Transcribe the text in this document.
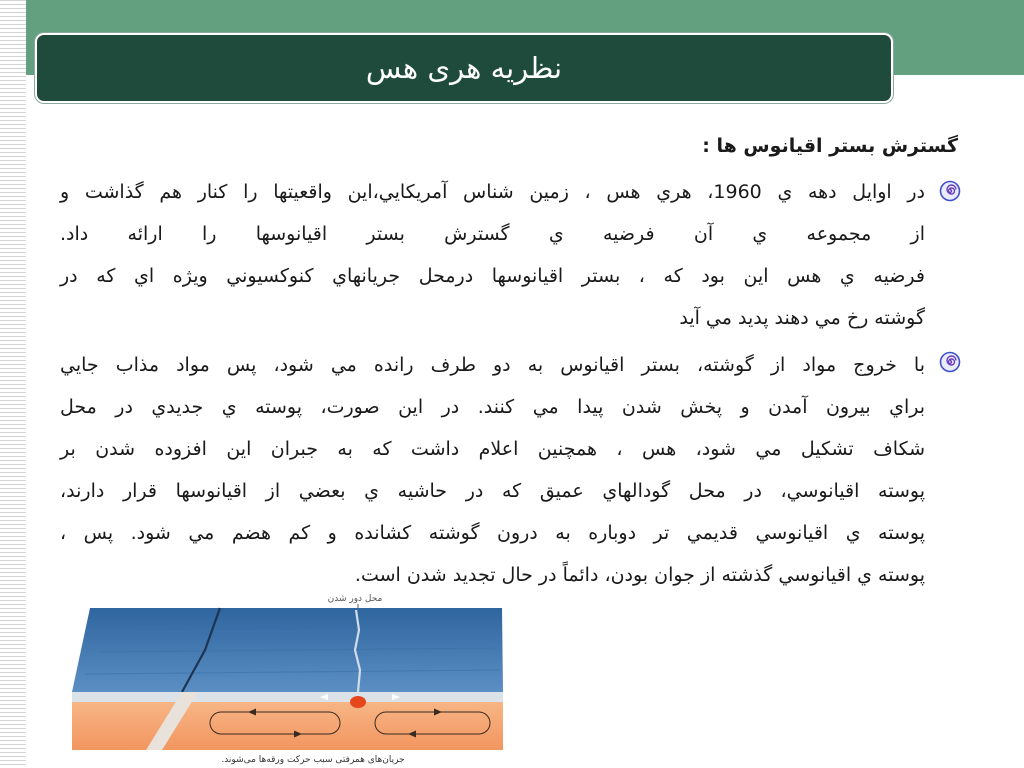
نظریه هری هس
گسترش بستر اقیانوس ها :
در اوايل دهه ي 1960، هري هس ، زمين شناس آمريكايي،اين واقعيتها را كنار هم گذاشت و
از مجموعه ي آن فرضيه ي گسترش بستر اقيانوسها را ارائه داد.
فرضيه ي هس اين بود كه ، بستر اقيانوسها درمحل جريانهاي كنوكسيوني ويژه اي كه در
گوشته رخ مي دهند پديد مي آيد
با خروج مواد از گوشته، بستر اقيانوس به دو طرف رانده مي شود، پس مواد مذاب جايي
براي بيرون آمدن و پخش شدن پيدا مي كنند. در اين صورت، پوسته ي جديدي در محل
شكاف تشكيل مي شود، هس ، همچنين اعلام داشت كه به جبران اين افزوده شدن بر
پوسته اقيانوسي، در محل گودالهاي عميق كه در حاشيه ي بعضي از اقيانوسها قرار دارند،
پوسته ي اقيانوسي قديمي تر دوباره به درون گوشته كشانده و كم هضم مي شود. پس ،
پوسته ي اقيانوسي گذشته از جوان بودن، دائماً در حال تجديد شدن است.
محل دور شدن
جریان‌های همرفتی سبب حرکت ورقه‌ها می‌شوند.
